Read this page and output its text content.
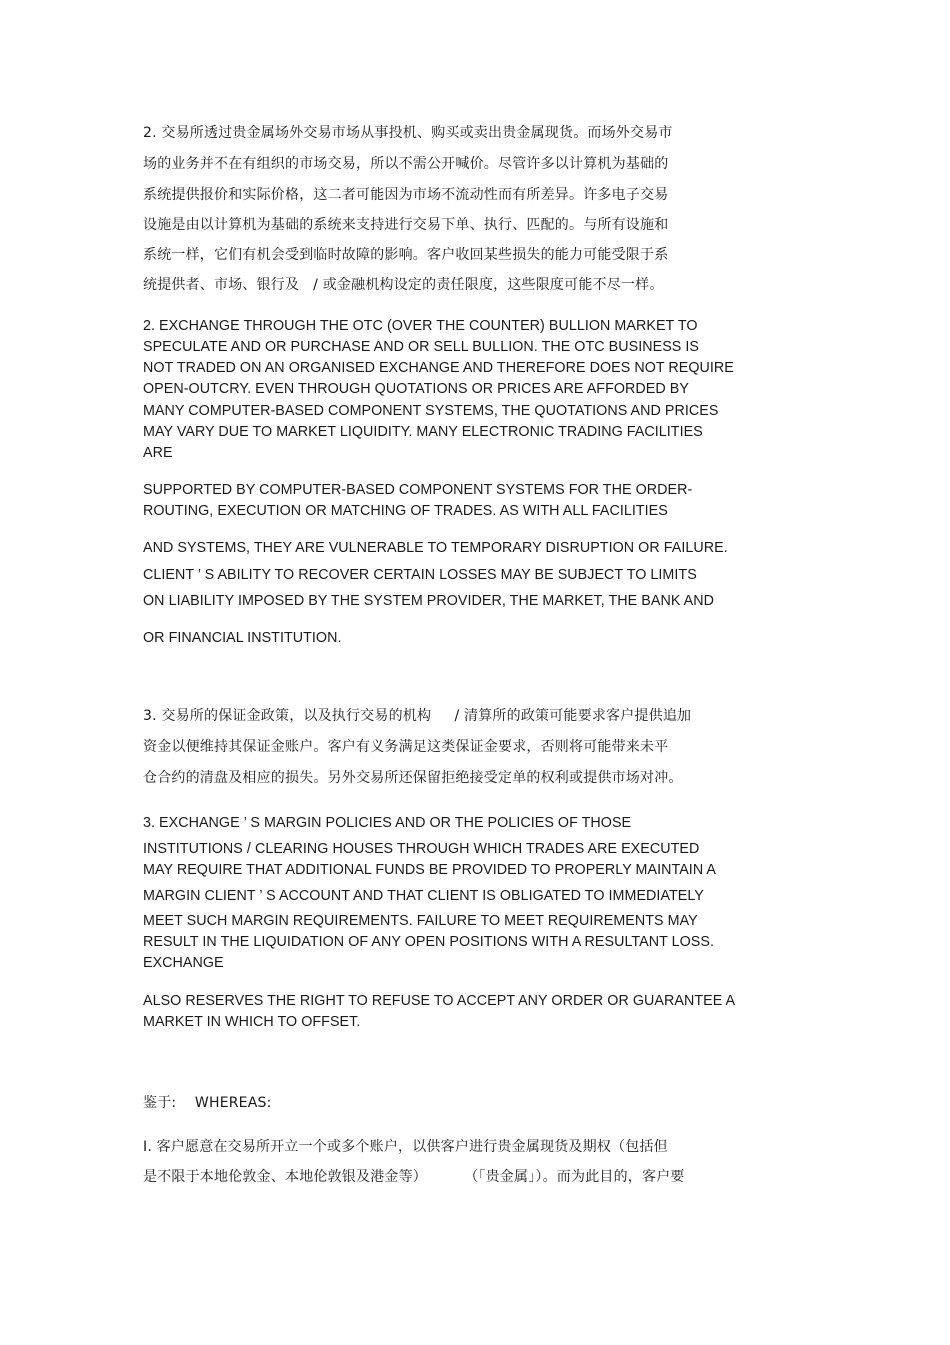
2. 交易所透过贵金属场外交易市场从事投机、购买或卖出贵金属现货。而场外交易市
场的业务并不在有组织的市场交易，所以不需公开喊价。尽管许多以计算机为基础的
系统提供报价和实际价格，这二者可能因为市场不流动性而有所差异。许多电子交易
设施是由以计算机为基础的系统来支持进行交易下单、执行、匹配的。与所有设施和
系统一样，它们有机会受到临时故障的影响。客户收回某些损失的能力可能受限于系
统提供者、市场、银行及   / 或金融机构设定的责任限度，这些限度可能不尽一样。
2. EXCHANGE THROUGH THE OTC (OVER THE COUNTER) BULLION MARKET TO
SPECULATE AND OR PURCHASE AND OR SELL BULLION. THE OTC BUSINESS IS
NOT TRADED ON AN ORGANISED EXCHANGE AND THEREFORE DOES NOT REQUIRE
OPEN-OUTCRY. EVEN THROUGH QUOTATIONS OR PRICES ARE AFFORDED BY
MANY COMPUTER-BASED COMPONENT SYSTEMS, THE QUOTATIONS AND PRICES
MAY VARY DUE TO MARKET LIQUIDITY. MANY ELECTRONIC TRADING FACILITIES
ARE
SUPPORTED BY COMPUTER-BASED COMPONENT SYSTEMS FOR THE ORDER-
ROUTING, EXECUTION OR MATCHING OF TRADES. AS WITH ALL FACILITIES
AND SYSTEMS, THEY ARE VULNERABLE TO TEMPORARY DISRUPTION OR FAILURE.
CLIENT ’ S ABILITY TO RECOVER CERTAIN LOSSES MAY BE SUBJECT TO LIMITS
ON LIABILITY IMPOSED BY THE SYSTEM PROVIDER, THE MARKET, THE BANK AND
OR FINANCIAL INSTITUTION.
3. 交易所的保证金政策，以及执行交易的机构     / 清算所的政策可能要求客户提供追加
资金以便维持其保证金账户。客户有义务满足这类保证金要求，否则将可能带来未平
仓合约的清盘及相应的损失。另外交易所还保留拒绝接受定单的权利或提供市场对冲。
3. EXCHANGE ’ S MARGIN POLICIES AND OR THE POLICIES OF THOSE
INSTITUTIONS / CLEARING HOUSES THROUGH WHICH TRADES ARE EXECUTED
MAY REQUIRE THAT ADDITIONAL FUNDS BE PROVIDED TO PROPERLY MAINTAIN A
MARGIN CLIENT ’ S ACCOUNT AND THAT CLIENT IS OBLIGATED TO IMMEDIATELY
MEET SUCH MARGIN REQUIREMENTS. FAILURE TO MEET REQUIREMENTS MAY
RESULT IN THE LIQUIDATION OF ANY OPEN POSITIONS WITH A RESULTANT LOSS.
EXCHANGE
ALSO RESERVES THE RIGHT TO REFUSE TO ACCEPT ANY ORDER OR GUARANTEE A
MARKET IN WHICH TO OFFSET.
鉴于:    WHEREAS:
I. 客户愿意在交易所开立一个或多个账户，以供客户进行贵金属现货及期权（包括但
是不限于本地伦敦金、本地伦敦银及港金等）        （「贵金属」）。而为此目的，客户要
